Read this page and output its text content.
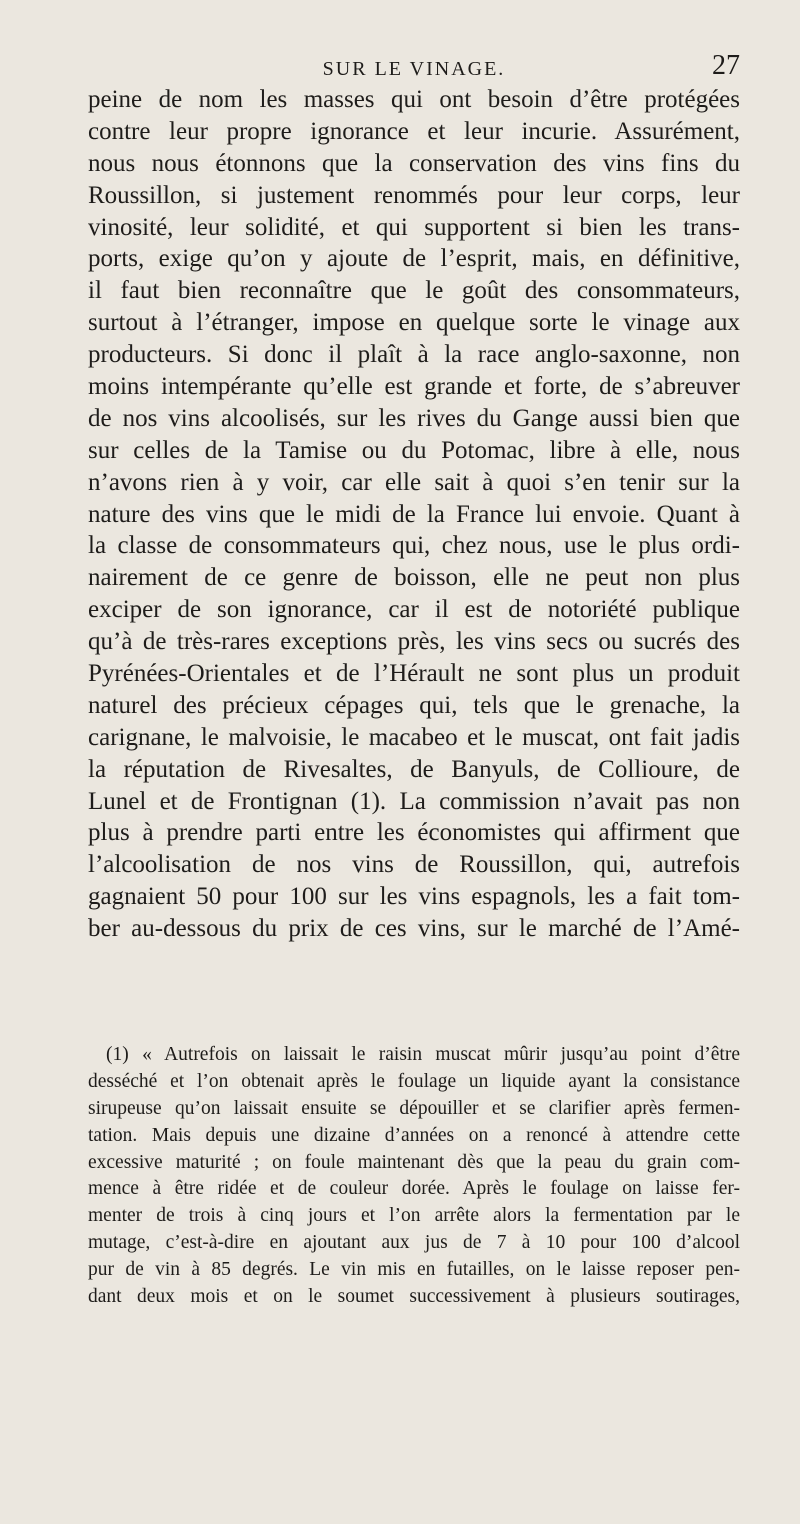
SUR LE VINAGE.	27
peine de nom les masses qui ont besoin d’être protégées
contre leur propre ignorance et leur incurie. Assurément,
nous nous étonnons que la conservation des vins fins du
Roussillon, si justement renommés pour leur corps, leur
vinosité, leur solidité, et qui supportent si bien les trans-
ports, exige qu’on y ajoute de l’esprit, mais, en définitive,
il faut bien reconnaître que le goût des consommateurs,
surtout à l’étranger, impose en quelque sorte le vinage aux
producteurs. Si donc il plaît à la race anglo-saxonne, non
moins intempérante qu’elle est grande et forte, de s’abreuver
de nos vins alcoolisés, sur les rives du Gange aussi bien que
sur celles de la Tamise ou du Potomac, libre à elle, nous
n’avons rien à y voir, car elle sait à quoi s’en tenir sur la
nature des vins que le midi de la France lui envoie. Quant à
la classe de consommateurs qui, chez nous, use le plus ordi-
nairement de ce genre de boisson, elle ne peut non plus
exciper de son ignorance, car il est de notoriété publique
qu’à de très-rares exceptions près, les vins secs ou sucrés des
Pyrénées-Orientales et de l’Hérault ne sont plus un produit
naturel des précieux cépages qui, tels que le grenache, la
carignane, le malvoisie, le macabeo et le muscat, ont fait jadis
la réputation de Rivesaltes, de Banyuls, de Collioure, de
Lunel et de Frontignan (1). La commission n’avait pas non
plus à prendre parti entre les économistes qui affirment que
l’alcoolisation de nos vins de Roussillon, qui, autrefois
gagnaient 50 pour 100 sur les vins espagnols, les a fait tom-
ber au-dessous du prix de ces vins, sur le marché de l’Amé-
(1) « Autrefois on laissait le raisin muscat mûrir jusqu’au point d’être
desséché et l’on obtenait après le foulage un liquide ayant la consistance
sirupeuse qu’on laissait ensuite se dépouiller et se clarifier après fermen-
tation. Mais depuis une dizaine d’années on a renoncé à attendre cette
excessive maturité ; on foule maintenant dès que la peau du grain com-
mence à être ridée et de couleur dorée. Après le foulage on laisse fer-
menter de trois à cinq jours et l’on arrête alors la fermentation par le
mutage, c’est-à-dire en ajoutant aux jus de 7 à 10 pour 100 d’alcool
pur de vin à 85 degrés. Le vin mis en futailles, on le laisse reposer pen-
dant deux mois et on le soumet successivement à plusieurs soutirages,
